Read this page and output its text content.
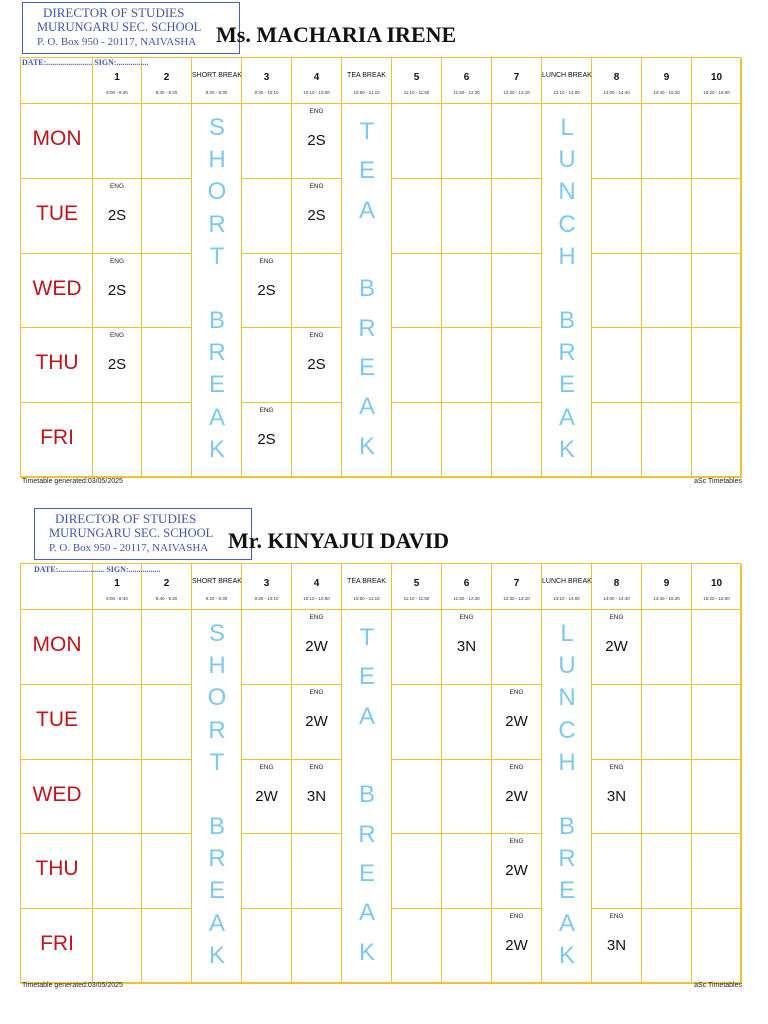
DIRECTOR OF STUDIES
MURUNGARU SEC. SCHOOL
P. O. Box 950 - 20117, NAIVASHA Ms. MACHARIA IRENE
1
8:00 - 8:40
2
8:40 - 9:20
SHORT BREAK
9:20 - 9:30
3
9:30 - 10:10
4
10:10 - 10:50
TEA BREAK
10:50 - 11:10
5
11:10 - 11:50
6
11:50 - 12:30
7
12:30 - 13:10
LUNCH BREAK
13:10 - 14:00
8
14:00 - 14:40
9
14:40 - 15:20
10
15:20 - 16:00
MON
ENG
2S
TUE
ENG
2S
ENG
2S
WED
ENG
2S
ENG
2S
THU
ENG
2S
ENG
2S
FRI
ENG
2S
S
H
O
R
T
B
R
E
A
K
T
E
A
B
R
E
A
K
L
U
N
C
H
B
R
E
A
K
DATE:....................... SIGN:................
Timetable generated:03/05/2025	aSc Timetables
DIRECTOR OF STUDIES
MURUNGARU SEC. SCHOOL
P. O. Box 950 - 20117, NAIVASHA Mr. KINYAJUI DAVID
1
8:00 - 8:40
2
8:40 - 9:20
SHORT BREAK
9:20 - 9:30
3
9:30 - 10:10
4
10:10 - 10:50
TEA BREAK
10:50 - 11:10
5
11:10 - 11:50
6
11:50 - 12:30
7
12:30 - 13:10
LUNCH BREAK
13:10 - 14:00
8
14:00 - 14:40
9
14:40 - 15:20
10
15:20 - 16:00
MON
ENG
2W
ENG
3N
ENG
2W
TUE
ENG
2W
ENG
2W
WED
ENG
2W
ENG
3N
ENG
2W
ENG
3N
THU
ENG
2W
FRI
ENG
2W
ENG
3N
S
H
O
R
T
B
R
E
A
K
T
E
A
B
R
E
A
K
L
U
N
C
H
B
R
E
A
K
DATE:....................... SIGN:................
Timetable generated:03/05/2025	aSc Timetables
